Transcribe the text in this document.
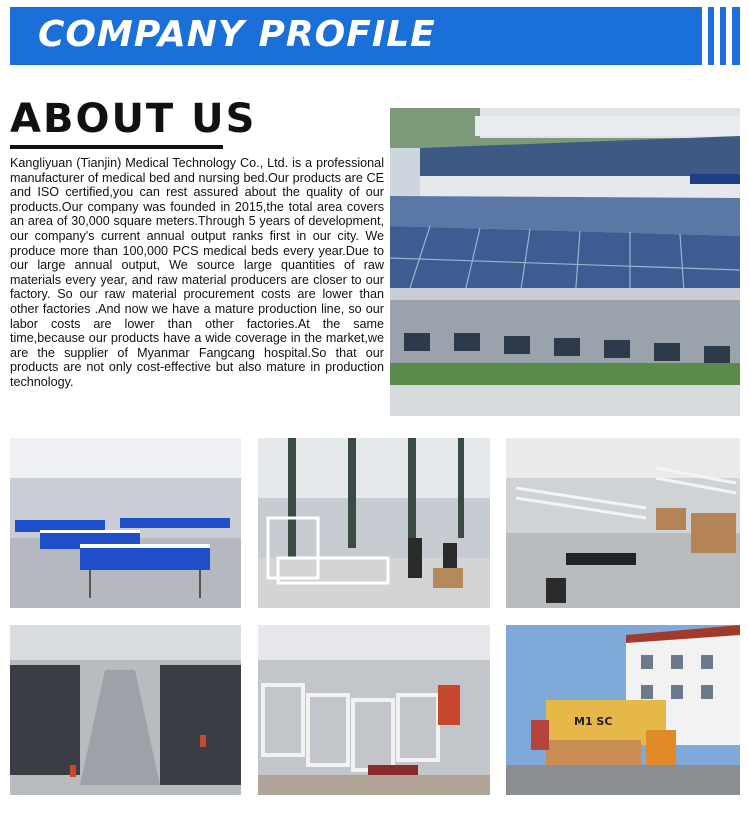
COMPANY PROFILE
ABOUT US

Kangliyuan (Tianjin) Medical Technology Co., Ltd. is a professional manufacturer of medical bed and nursing bed.Our products are CE and ISO certified,you can rest assured about the quality of our products.Our company was founded in 2015,the total area covers an area of 30,000 square meters.Through 5 years of development, our company's current annual output ranks first in our city. We produce more than 100,000 PCS medical beds every year.Due to our large annual output, We source large quantities of raw materials every year, and raw material producers are closer to our factory. So our raw material procurement costs are lower than other factories .And now we have a mature production line, so our labor costs are lower than other factories.At the same time,because our products have a wide coverage in the market,we are the supplier of Myanmar Fangcang hospital.So that our products are not only cost-effective but also mature in production technology.

M1 SC
